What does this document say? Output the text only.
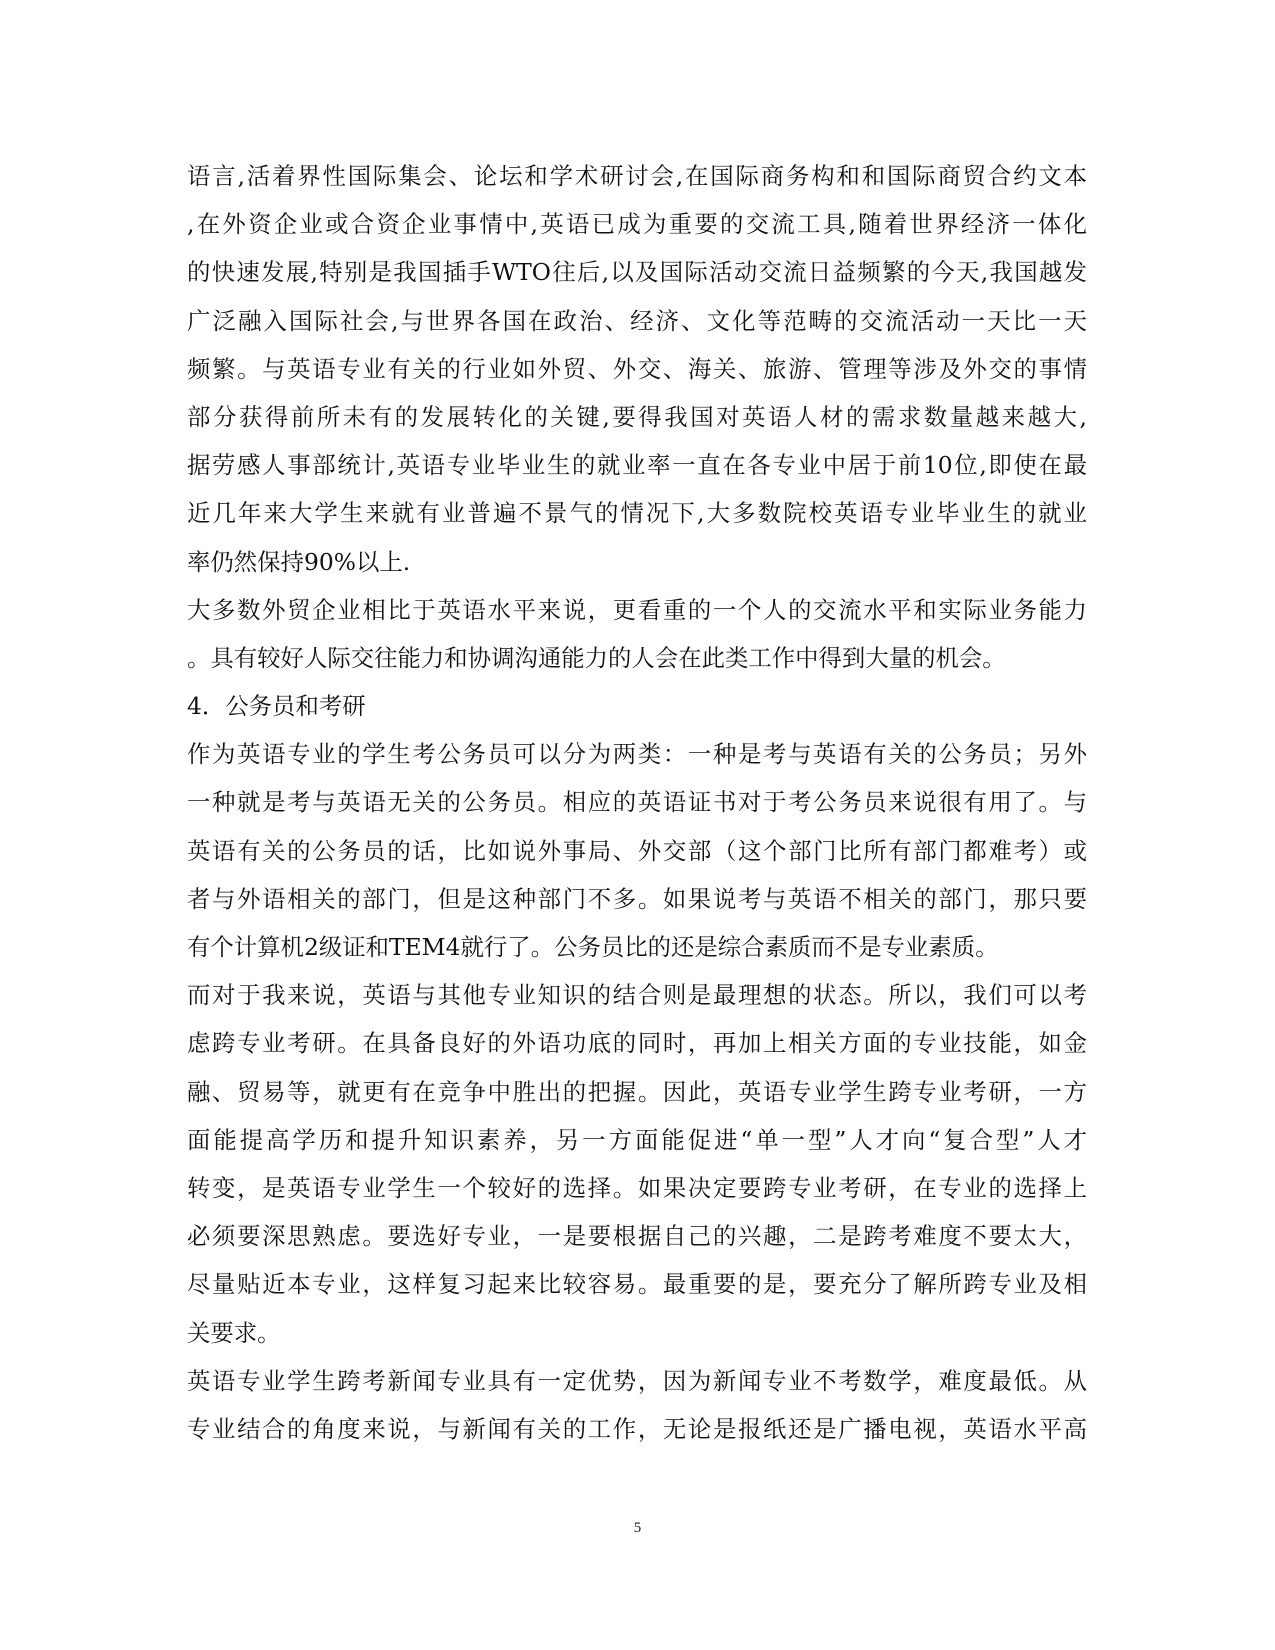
语言,活着界性国际集会、论坛和学术研讨会,在国际商务构和和国际商贸合约文本
,在外资企业或合资企业事情中,英语已成为重要的交流工具,随着世界经济一体化
的快速发展,特别是我国插手WTO往后,以及国际活动交流日益频繁的今天,我国越发
广泛融入国际社会,与世界各国在政治、经济、文化等范畴的交流活动一天比一天
频繁。与英语专业有关的行业如外贸、外交、海关、旅游、管理等涉及外交的事情
部分获得前所未有的发展转化的关键,要得我国对英语人材的需求数量越来越大,
据劳感人事部统计,英语专业毕业生的就业率一直在各专业中居于前10位,即使在最
近几年来大学生来就有业普遍不景气的情况下,大多数院校英语专业毕业生的就业
率仍然保持90%以上.
大多数外贸企业相比于英语水平来说，更看重的一个人的交流水平和实际业务能力
。具有较好人际交往能力和协调沟通能力的人会在此类工作中得到大量的机会。
4．公务员和考研
作为英语专业的学生考公务员可以分为两类：一种是考与英语有关的公务员；另外
一种就是考与英语无关的公务员。相应的英语证书对于考公务员来说很有用了。与
英语有关的公务员的话，比如说外事局、外交部（这个部门比所有部门都难考）或
者与外语相关的部门，但是这种部门不多。如果说考与英语不相关的部门，那只要
有个计算机2级证和TEM4就行了。公务员比的还是综合素质而不是专业素质。
而对于我来说，英语与其他专业知识的结合则是最理想的状态。所以，我们可以考
虑跨专业考研。在具备良好的外语功底的同时，再加上相关方面的专业技能，如金
融、贸易等，就更有在竞争中胜出的把握。因此，英语专业学生跨专业考研，一方
面能提高学历和提升知识素养，另一方面能促进“单一型”人才向“复合型”人才
转变，是英语专业学生一个较好的选择。如果决定要跨专业考研，在专业的选择上
必须要深思熟虑。要选好专业，一是要根据自己的兴趣，二是跨考难度不要太大，
尽量贴近本专业，这样复习起来比较容易。最重要的是，要充分了解所跨专业及相
关要求。
英语专业学生跨考新闻专业具有一定优势，因为新闻专业不考数学，难度最低。从
专业结合的角度来说，与新闻有关的工作，无论是报纸还是广播电视，英语水平高
5
